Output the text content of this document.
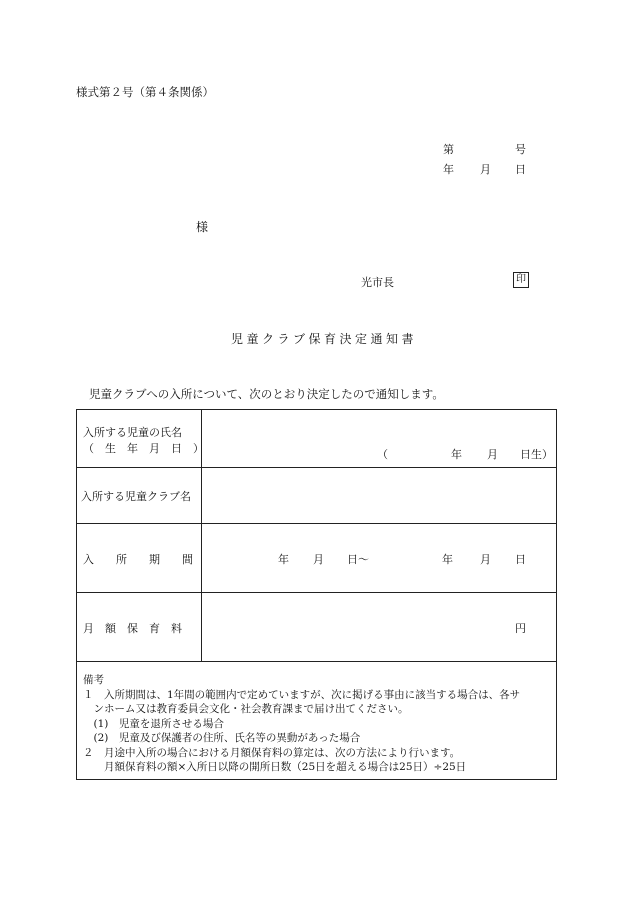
様式第２号（第４条関係）
第	号
年 月 日
様
光市長	印
児童クラブ保育決定通知書
児童クラブへの入所について、次のとおり決定したので通知します。
入所する児童の氏名
（　生　年　月　日　）	（	年 月 日生）
入所する児童クラブ名
入　　所　　期　　間	年 月 日〜	年 月 日
月　額　保　育　料	円
備考
１　入所期間は、1年間の範囲内で定めていますが、次に掲げる事由に該当する場合は、各サ
　ンホーム又は教育委員会文化・社会教育課まで届け出てください。
　(1)　児童を退所させる場合
　(2)　児童及び保護者の住所、氏名等の異動があった場合
２　月途中入所の場合における月額保育料の算定は、次の方法により行います。
　　月額保育料の額×入所日以降の開所日数（25日を超える場合は25日）÷25日
